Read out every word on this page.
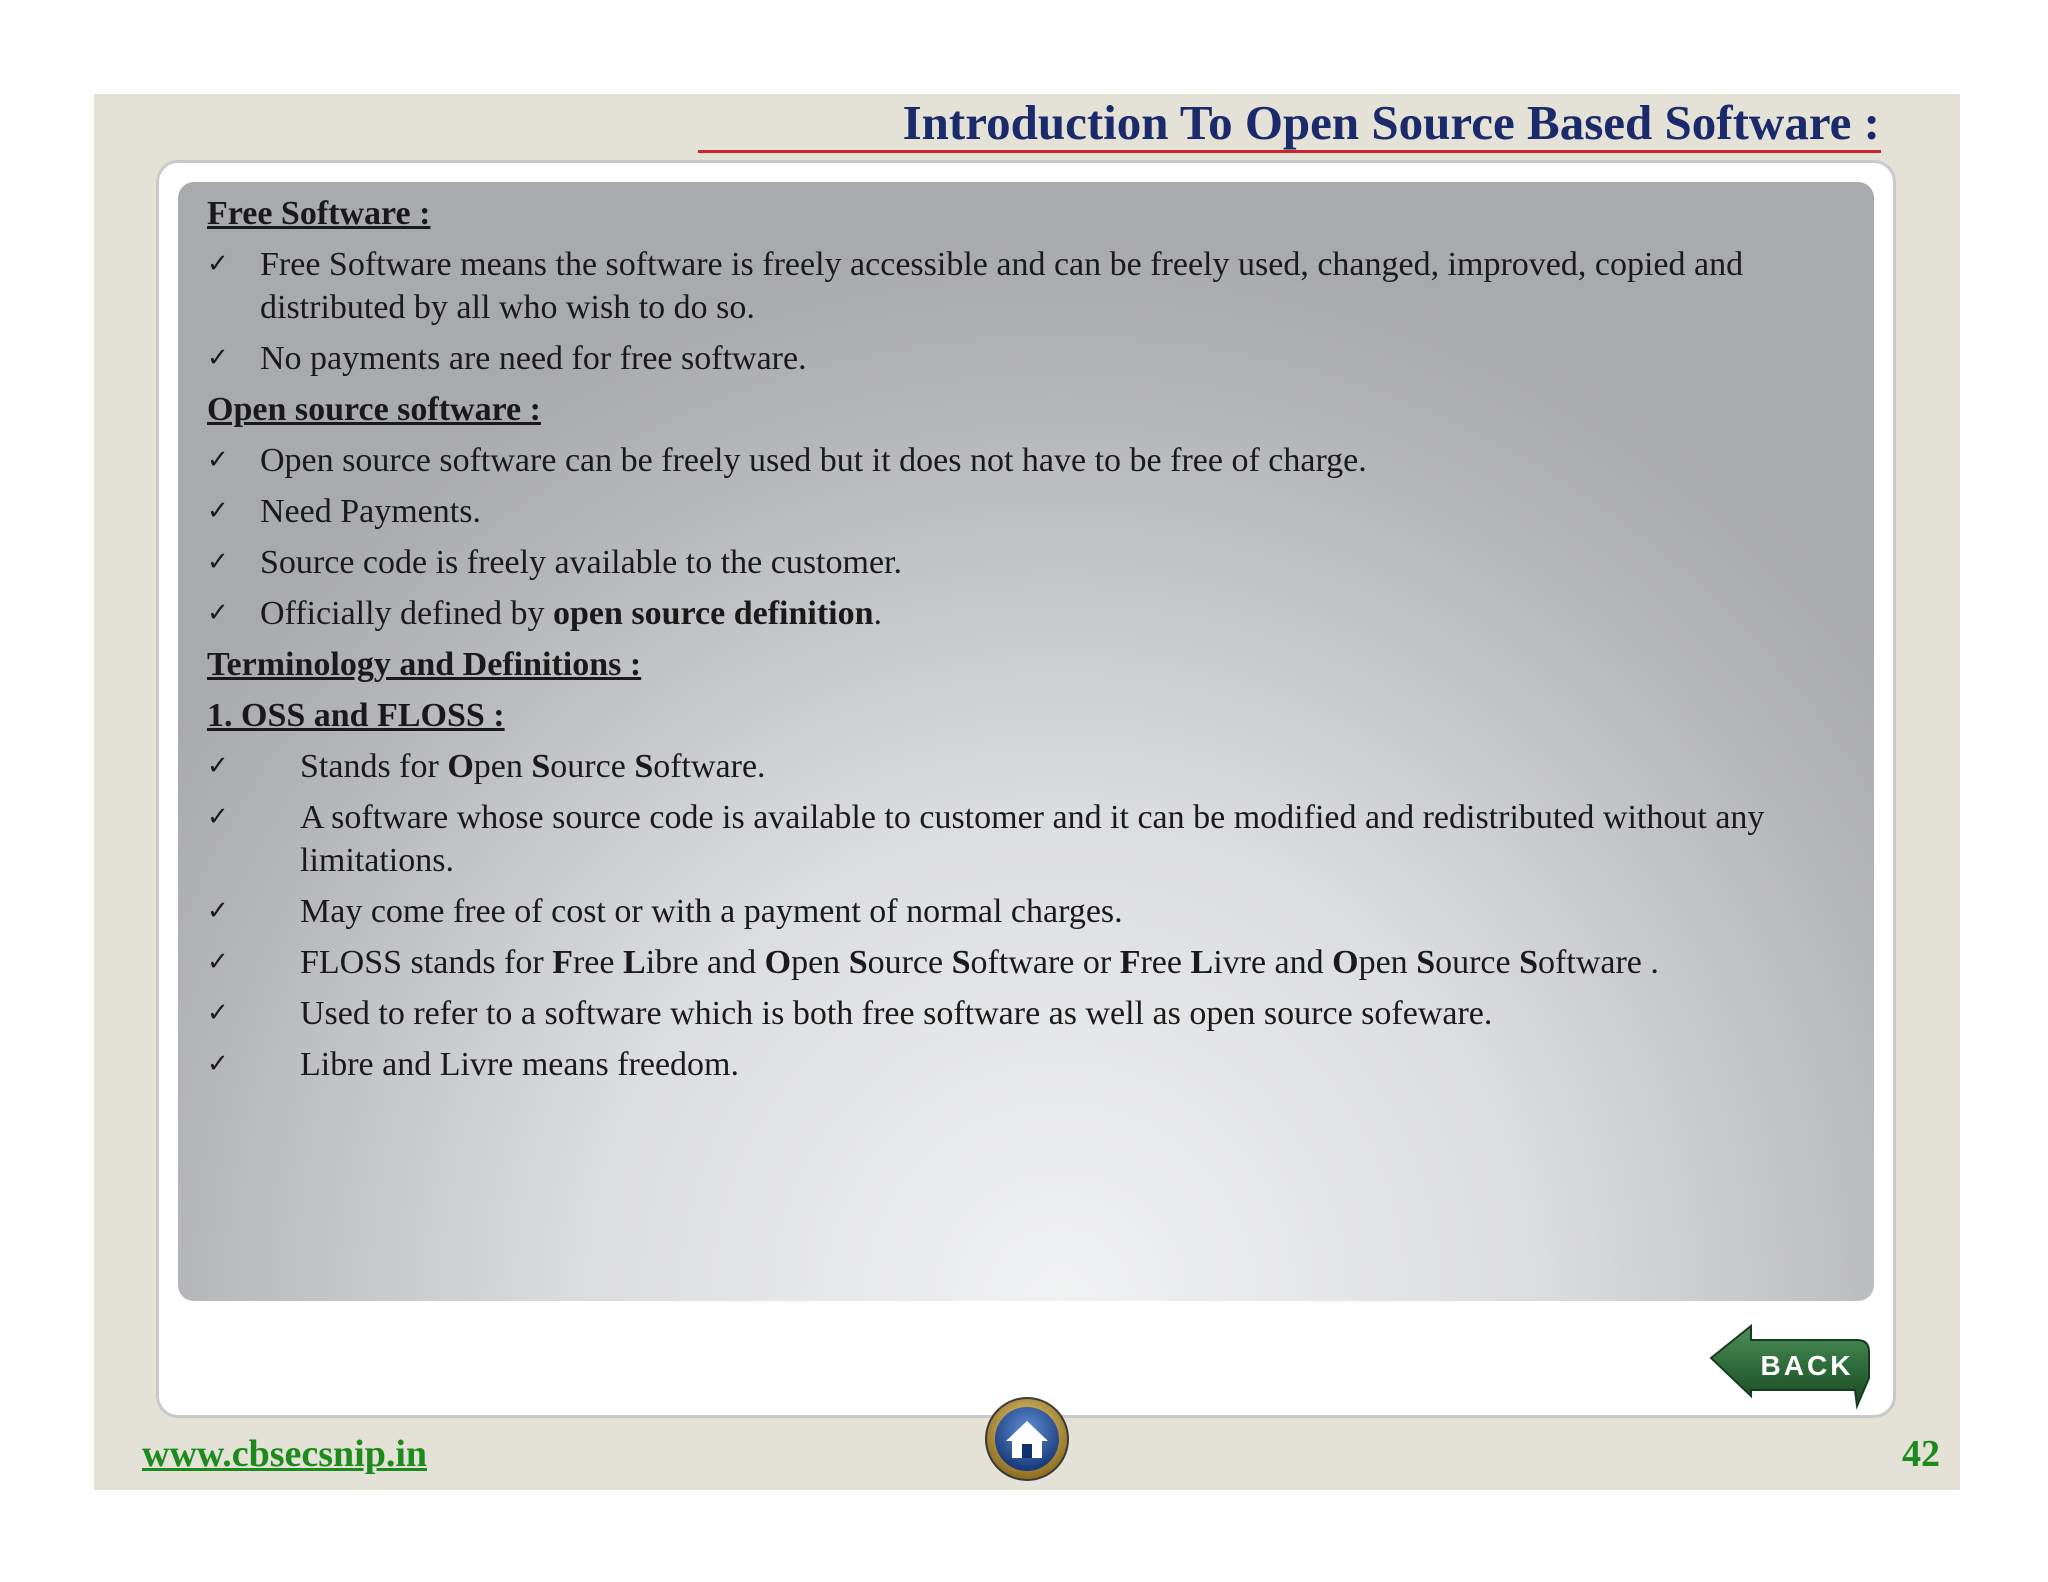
Introduction To Open Source Based Software :
Free Software :
✓ Free Software means the software is freely accessible and can be freely used, changed, improved, copied and distributed by all who wish to do so.
✓ No payments are need for free software.
Open source software :
✓ Open source software can be freely used but it does not have to be free of charge.
✓ Need Payments.
✓ Source code is freely available to the customer.
✓ Officially defined by open source definition.
Terminology and Definitions :
1. OSS and FLOSS :
✓ Stands for Open Source Software.
✓ A software whose source code is available to customer and it can be modified and redistributed without any limitations.
✓ May come free of cost or with a payment of normal charges.
✓ FLOSS stands for Free Libre and Open Source Software or Free Livre and Open Source Software .
✓ Used to refer to a software which is both free software as well as open source sofeware.
✓ Libre and Livre means freedom.
BACK
www.cbsecsnip.in	42
